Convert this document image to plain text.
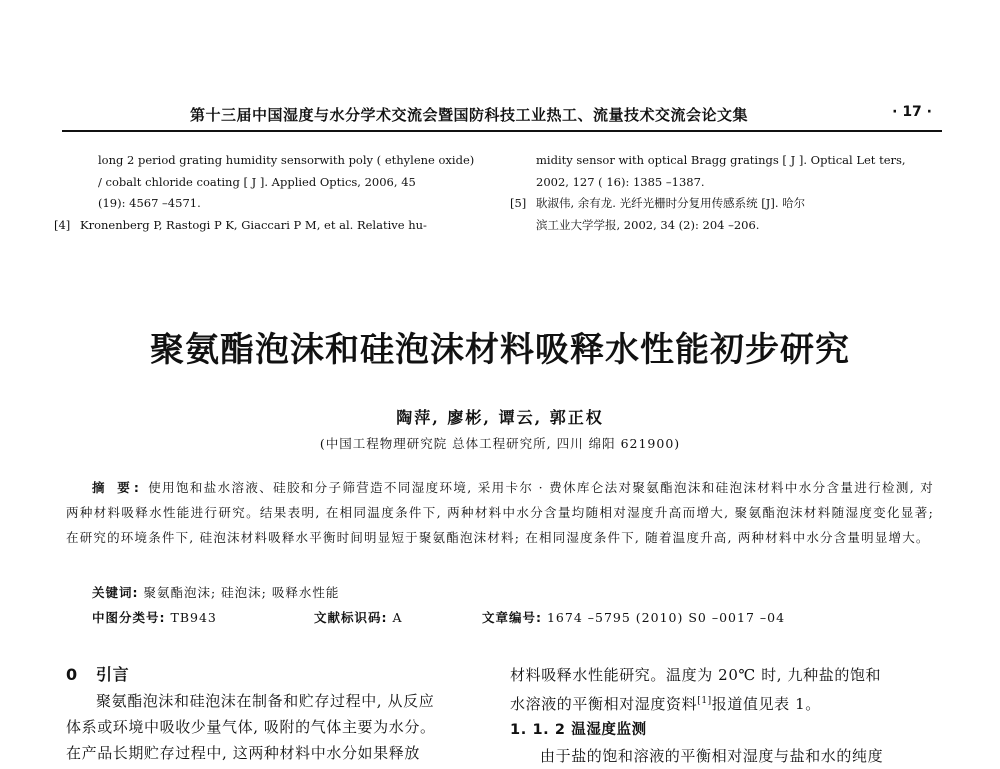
第十三届中国湿度与水分学术交流会暨国防科技工业热工、流量技术交流会论文集	· 17 ·
long 2 period grating humidity sensorwith poly ( ethylene oxide)
/ cobalt chloride coating [ J ]. Applied Optics, 2006, 45
(19): 4567 –4571.
[4] Kronenberg P, Rastogi P K, Giaccari P M, et al. Relative hu-
midity sensor with optical Bragg gratings [ J ]. Optical Let ters,
2002, 127 ( 16): 1385 –1387.
[5] 耿淑伟, 余有龙. 光纤光栅时分复用传感系统 [J]. 哈尔
滨工业大学学报, 2002, 34 (2): 204 –206.
聚氨酯泡沫和硅泡沫材料吸释水性能初步研究
陶萍, 廖彬, 谭云, 郭正权
(中国工程物理研究院 总体工程研究所, 四川 绵阳 621900)
摘 要: 使用饱和盐水溶液、硅胶和分子筛营造不同湿度环境, 采用卡尔 · 费休库仑法对聚氨酯泡沫和硅泡沫材料中水分含量进行检测, 对两种材料吸释水性能进行研究。结果表明, 在相同温度条件下, 两种材料中水分含量均随相对湿度升高而增大, 聚氨酯泡沫材料随湿度变化显著; 在研究的环境条件下, 硅泡沫材料吸释水平衡时间明显短于聚氨酯泡沫材料; 在相同湿度条件下, 随着温度升高, 两种材料中水分含量明显增大。
关键词: 聚氨酯泡沫; 硅泡沫; 吸释水性能
中图分类号: TB943	文献标识码: A	文章编号: 1674 –5795 (2010) S0 –0017 –04
0 引言

聚氨酯泡沫和硅泡沫在制备和贮存过程中, 从反应

体系或环境中吸收少量气体, 吸附的气体主要为水分。

在产品长期贮存过程中, 这两种材料中水分如果释放

材料吸释水性能研究。温度为 20℃ 时, 九种盐的饱和

水溶液的平衡相对湿度资料[1]报道值见表 1。

1. 1. 2 温湿度监测

由于盐的饱和溶液的平衡相对湿度与盐和水的纯度
